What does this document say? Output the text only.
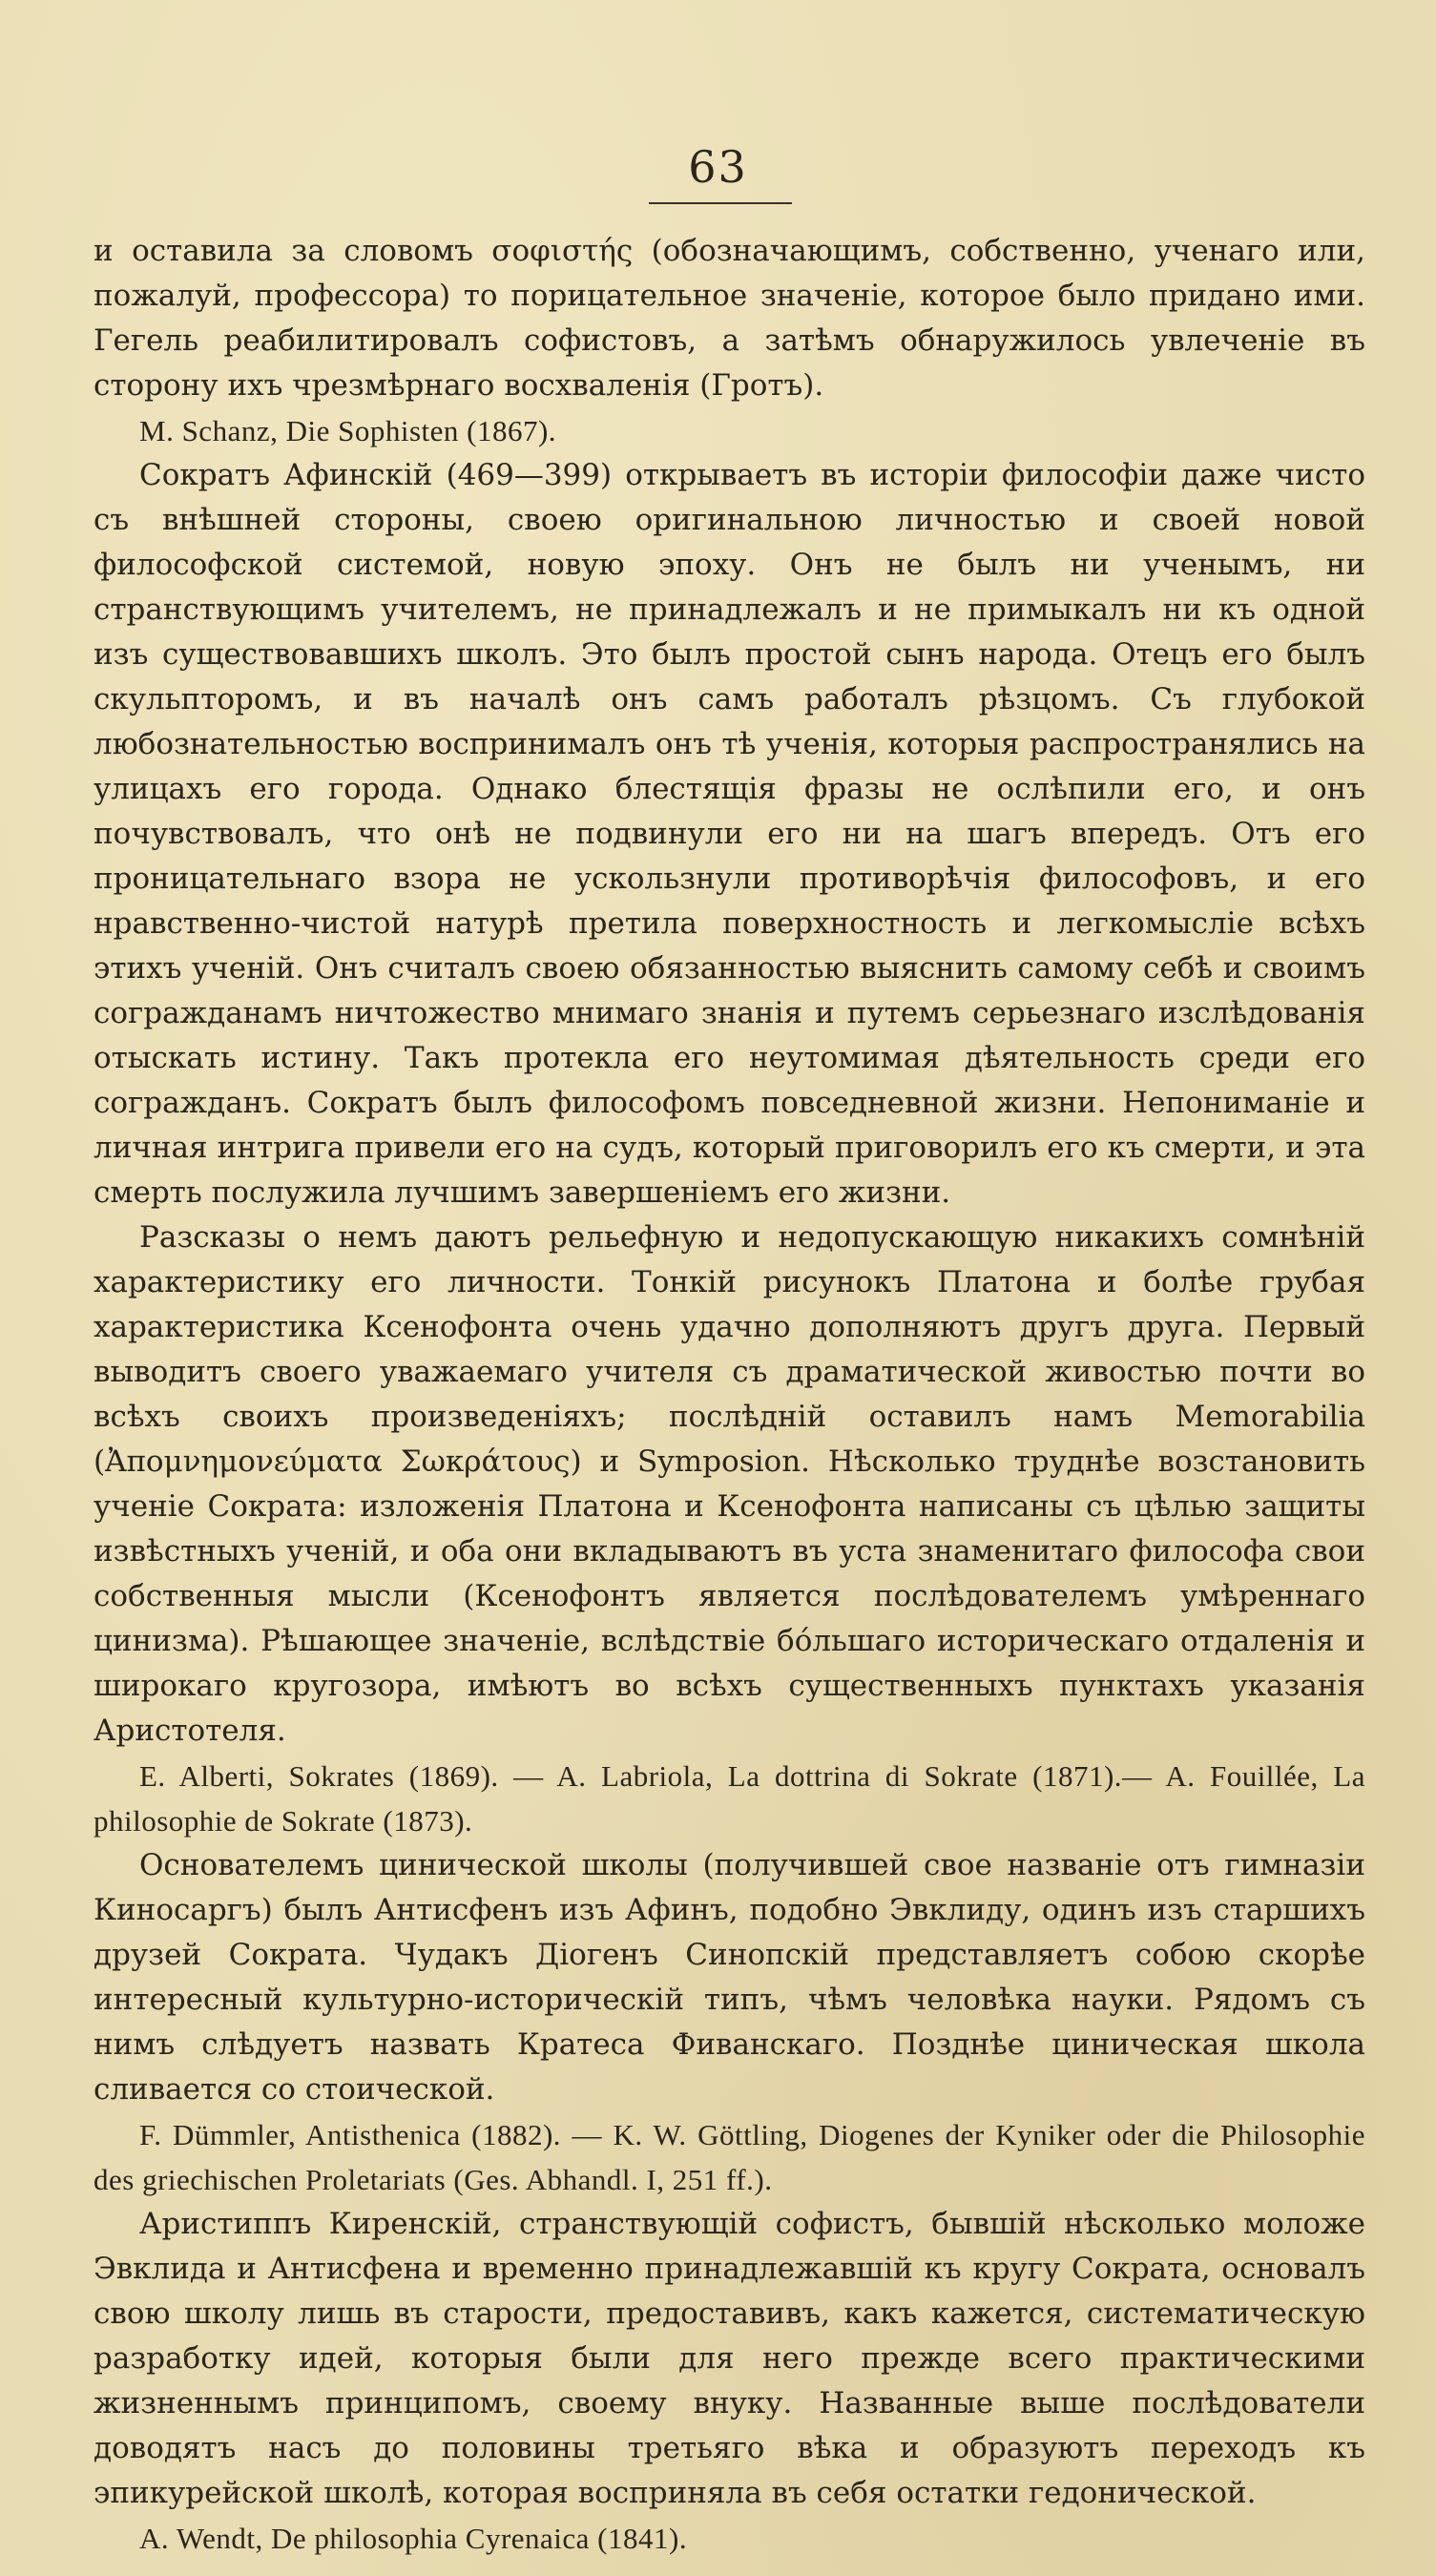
63

и оставила за словомъ σοφιστής (обозначающимъ, собственно, ученаго или, пожалуй, профессора) то порицательное значеніе, которое было придано ими. Гегель реабилитировалъ софистовъ, а затѣмъ обнаружилось увлеченіе въ сторону ихъ чрезмѣрнаго восхваленія (Гротъ).

M. Schanz, Die Sophisten (1867).

Сократъ Афинскій (469—399) открываетъ въ исторіи философіи даже чисто съ внѣшней стороны, своею оригинальною личностью и своей новой философской системой, новую эпоху. Онъ не былъ ни ученымъ, ни странствующимъ учителемъ, не принадлежалъ и не примыкалъ ни къ одной изъ существовавшихъ школъ. Это былъ простой сынъ народа. Отецъ его былъ скульпторомъ, и въ началѣ онъ самъ работалъ рѣзцомъ. Съ глубокой любознательностью воспринималъ онъ тѣ ученія, которыя распространялись на улицахъ его города. Однако блестящія фразы не ослѣпили его, и онъ почувствовалъ, что онѣ не подвинули его ни на шагъ впередъ. Отъ его проницательнаго взора не ускользнули противорѣчія философовъ, и его нравственно-чистой натурѣ претила поверхностность и легкомысліе всѣхъ этихъ ученій. Онъ считалъ своею обязанностью выяснить самому себѣ и своимъ согражданамъ ничтожество мнимаго знанія и путемъ серьезнаго изслѣдованія отыскать истину. Такъ протекла его неутомимая дѣятельность среди его согражданъ. Сократъ былъ философомъ повседневной жизни. Непониманіе и личная интрига привели его на судъ, который приговорилъ его къ смерти, и эта смерть послужила лучшимъ завершеніемъ его жизни.

Разсказы о немъ даютъ рельефную и недопускающую никакихъ сомнѣній характеристику его личности. Тонкій рисунокъ Платона и болѣе грубая характеристика Ксенофонта очень удачно дополняютъ другъ друга. Первый выводитъ своего уважаемаго учителя съ драматической живостью почти во всѣхъ своихъ произведеніяхъ; послѣдній оставилъ намъ Memorabilia (Ἀπομνημονεύματα Σωκράτους) и Symposion. Нѣсколько труднѣе возстановить ученіе Сократа: изложенія Платона и Ксенофонта написаны съ цѣлью защиты извѣстныхъ ученій, и оба они вкладываютъ въ уста знаменитаго философа свои собственныя мысли (Ксенофонтъ является послѣдователемъ умѣреннаго цинизма). Рѣшающее значеніе, вслѣдствіе бо́льшаго историческаго отдаленія и широкаго кругозора, имѣютъ во всѣхъ существенныхъ пунктахъ указанія Аристотеля.

E. Alberti, Sokrates (1869). — A. Labriola, La dottrina di Sokrate (1871).— A. Fouillée, La philosophie de Sokrate (1873).

Основателемъ цинической школы (получившей свое названіе отъ гимназіи Киносаргъ) былъ Антисфенъ изъ Афинъ, подобно Эвклиду, одинъ изъ старшихъ друзей Сократа. Чудакъ Діогенъ Синопскій представляетъ собою скорѣе интересный культурно-историческій типъ, чѣмъ человѣка науки. Рядомъ съ нимъ слѣдуетъ назвать Кратеса Фиванскаго. Позднѣе циническая школа сливается со стоической.

F. Dümmler, Antisthenica (1882). — K. W. Göttling, Diogenes der Kyniker oder die Philosophie des griechischen Proletariats (Ges. Abhandl. I, 251 ff.).

Аристиппъ Киренскій, странствующій софистъ, бывшій нѣсколько моложе Эвклида и Антисфена и временно принадлежавшій къ кругу Сократа, основалъ свою школу лишь въ старости, предоставивъ, какъ кажется, систематическую разработку идей, которыя были для него прежде всего практическими жизненнымъ принципомъ, своему внуку. Названные выше послѣдователи доводятъ насъ до половины третьяго вѣка и образуютъ переходъ къ эпикурейской школѣ, которая восприняла въ себя остатки гедонической.

A. Wendt, De philosophia Cyrenaica (1841).
